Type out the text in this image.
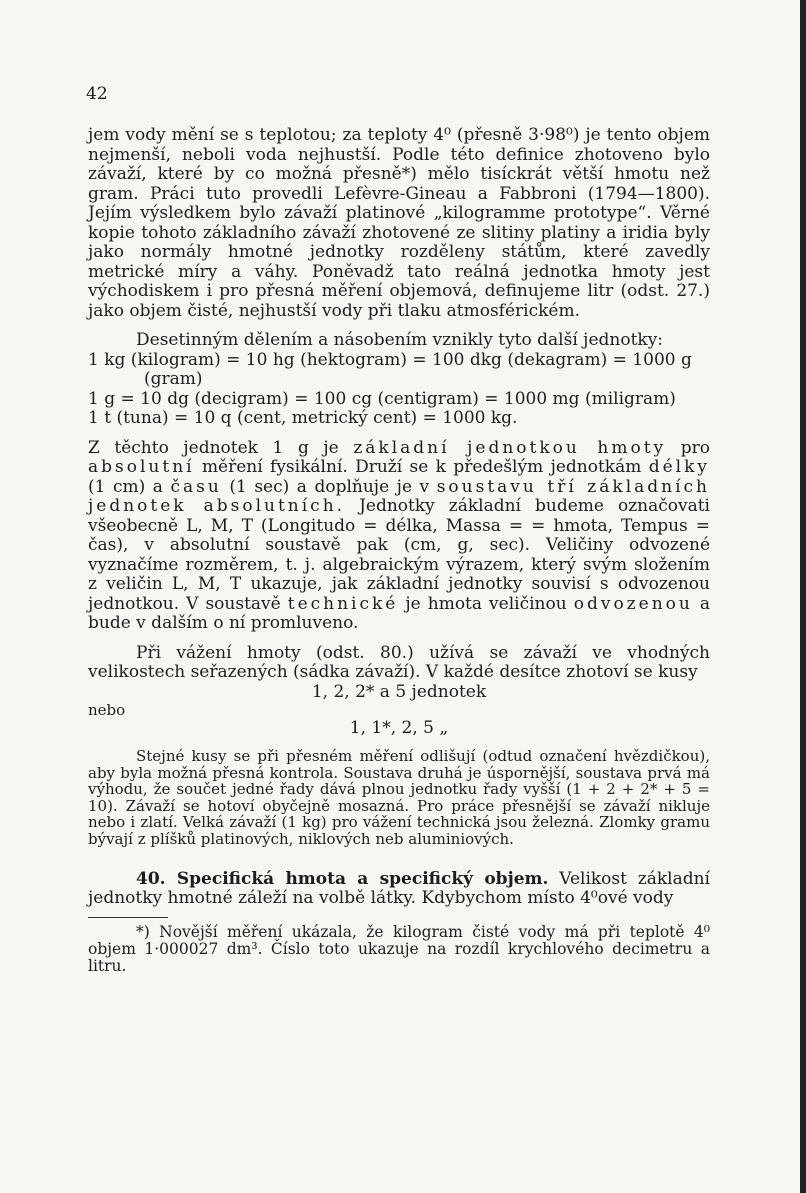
42

jem vody mění se s teplotou; za teploty 4⁰ (přesně 3·98⁰) je tento objem nejmenší, neboli voda nejhustší. Podle této definice zhotoveno bylo závaží, které by co možná přesně*) mělo tisíckrát větší hmotu než gram. Práci tuto provedli Lefèvre-Gineau a Fabbroni (1794—1800). Jejím výsledkem bylo závaží platinové „kilogramme prototype“. Věrné kopie tohoto základního závaží zhotovené ze slitiny platiny a iridia byly jako normály hmotné jednotky rozděleny státům, které zavedly metrické míry a váhy. Poněvadž tato reálná jednotka hmoty jest východiskem i pro přesná měření objemová, definujeme litr (odst. 27.) jako objem čisté, nejhustší vody při tlaku atmosférickém.

Desetinným dělením a násobením vznikly tyto další jednotky:

1 kg (kilogram) = 10 hg (hektogram) = 100 dkg (dekagram) = 1000 g

(gram)

1 g = 10 dg (decigram) = 100 cg (centigram) = 1000 mg (miligram)

1 t (tuna) = 10 q (cent, metrický cent) = 1000 kg.

Z těchto jednotek 1 g je základní jednotkou hmoty pro absolutní měření fysikální. Druží se k předešlým jednotkám délky (1 cm) a času (1 sec) a doplňuje je v soustavu tří základních jednotek absolutních. Jednotky základní budeme označovati všeobecně L, M, T (Longitudo = délka, Massa = = hmota, Tempus = čas), v absolutní soustavě pak (cm, g, sec). Veličiny odvozené vyznačíme rozměrem, t. j. algebraickým výrazem, který svým složením z veličin L, M, T ukazuje, jak základní jednotky souvisí s odvozenou jednotkou. V soustavě technické je hmota veličinou odvozenou a bude v dalším o ní promluveno.

Při vážení hmoty (odst. 80.) užívá se závaží ve vhodných velikostech seřazených (sádka závaží). V každé desítce zhotoví se kusy

1, 2, 2* a 5 jednotek

nebo

1, 1*, 2, 5 „

Stejné kusy se při přesném měření odlišují (odtud označení hvězdičkou), aby byla možná přesná kontrola. Soustava druhá je úspornější, soustava prvá má výhodu, že součet jedné řady dává plnou jednotku řady vyšší (1 + 2 + 2* + 5 = 10). Závaží se hotoví obyčejně mosazná. Pro práce přesnější se závaží nikluje nebo i zlatí. Velká závaží (1 kg) pro vážení technická jsou železná. Zlomky gramu bývají z plíšků platinových, niklových neb aluminiových.

40. Specifická hmota a specifický objem. Velikost základní jednotky hmotné záleží na volbě látky. Kdybychom místo 4⁰ové vody

*) Novější měření ukázala, že kilogram čisté vody má při teplotě 4⁰ objem 1·000027 dm³. Číslo toto ukazuje na rozdíl krychlového decimetru a litru.
